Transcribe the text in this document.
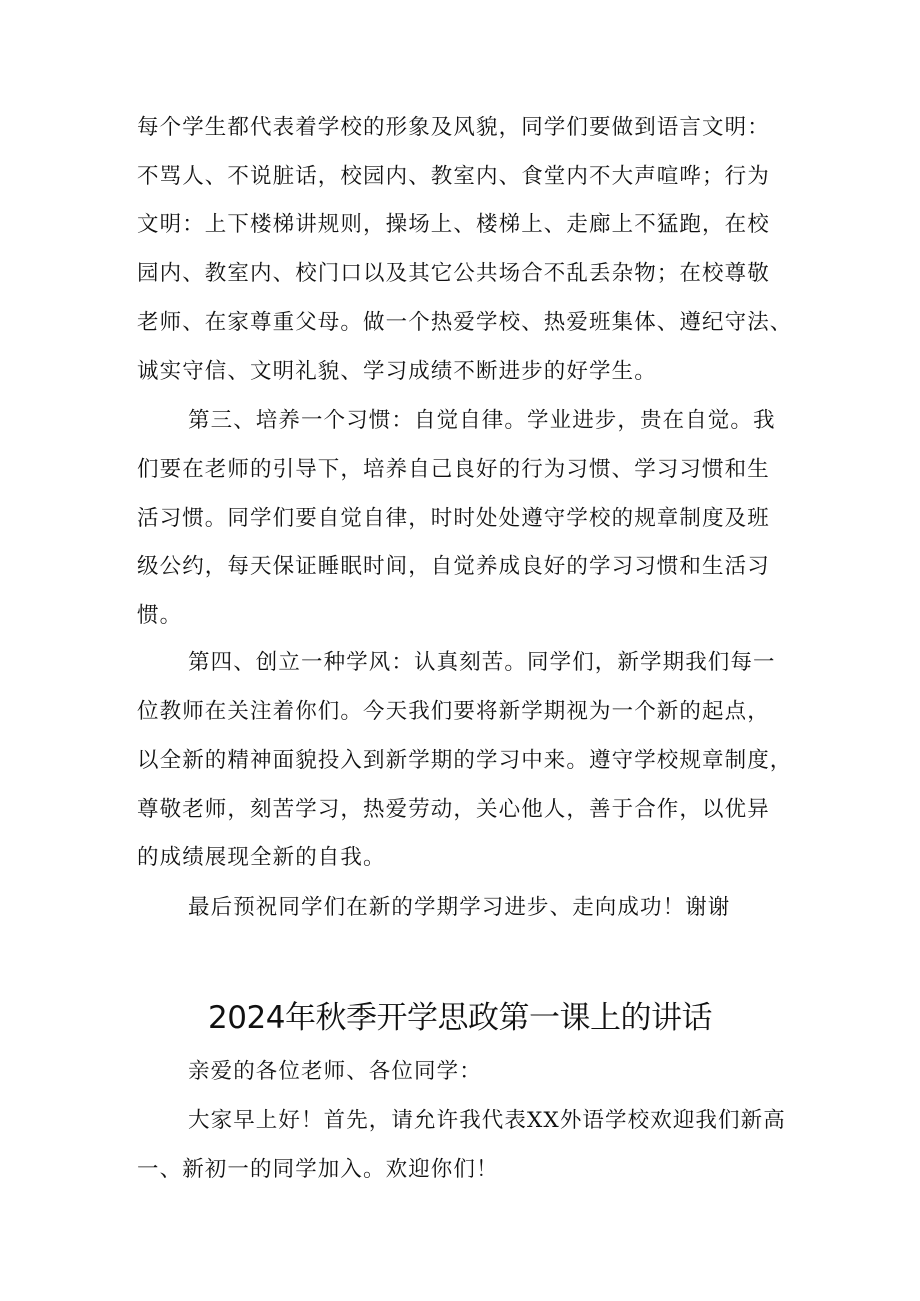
每个学生都代表着学校的形象及风貌，同学们要做到语言文明：
不骂人、不说脏话，校园内、教室内、食堂内不大声喧哗；行为
文明：上下楼梯讲规则，操场上、楼梯上、走廊上不猛跑，在校
园内、教室内、校门口以及其它公共场合不乱丢杂物；在校尊敬
老师、在家尊重父母。做一个热爱学校、热爱班集体、遵纪守法、
诚实守信、文明礼貌、学习成绩不断进步的好学生。
第三、培养一个习惯：自觉自律。学业进步，贵在自觉。我
们要在老师的引导下，培养自己良好的行为习惯、学习习惯和生
活习惯。同学们要自觉自律，时时处处遵守学校的规章制度及班
级公约，每天保证睡眠时间，自觉养成良好的学习习惯和生活习
惯。
第四、创立一种学风：认真刻苦。同学们，新学期我们每一
位教师在关注着你们。今天我们要将新学期视为一个新的起点，
以全新的精神面貌投入到新学期的学习中来。遵守学校规章制度，
尊敬老师，刻苦学习，热爱劳动，关心他人，善于合作，以优异
的成绩展现全新的自我。
最后预祝同学们在新的学期学习进步、走向成功！谢谢
2024年秋季开学思政第一课上的讲话
亲爱的各位老师、各位同学：
大家早上好！首先，请允许我代表XX外语学校欢迎我们新高
一、新初一的同学加入。欢迎你们！
